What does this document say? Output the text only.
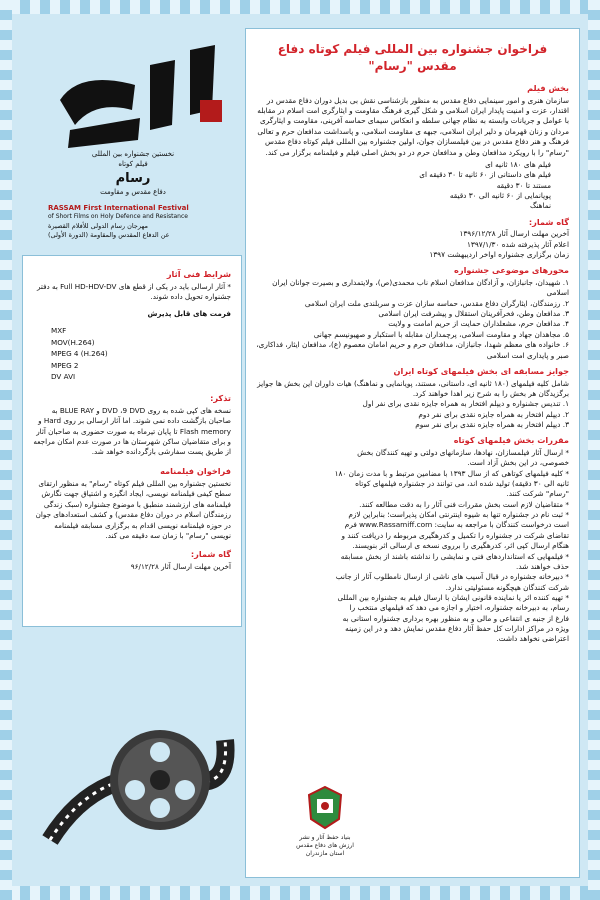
نخستین جشنواره بین المللی
فیلم کوتاه
رسام
دفاع مقدس و مقاومت
RASSAM First International Festival
of Short Films on Holy Defence and Resistance
مهرجان رسام الدولی للأفلام القصیرة
عن الدفاع المقدس والمقاومة (الدورة الأولى)
شرایط فنی آثار

* آثار ارسالی باید در یکی از قطع های Full HD-HDV-DV به دفتر جشنواره تحویل داده شوند.

فرمت های قابل پذیرش
MXF
MOV(H.264)
MPEG 4 (H.264)
MPEG 2
DV AVI
تذکر:

نسخه های کپی شده به روی DVD ،9 DVD و BLUE RAY به صاحبان بازگشت داده نمی شوند. اما آثار ارسالی بر روی Hard و Flash memory تا پایان تیرماه به صورت حضوری به صاحبان آثار و برای متقاضیان ساکن شهرستان ها در صورت عدم امکان مراجعه از طریق پست سفارشی بازگردانده خواهد شد.

فراخوان فیلمنامه

نخستین جشنواره بین المللی فیلم کوتاه "رسام" به منظور ارتقای سطح کیفی فیلمنامه نویسی، ایجاد انگیزه و اشتیاق جهت نگارش فیلمنامه های ارزشمند منطبق با موضوع جشنواره (سبک زندگی رزمندگان اسلام در دوران دفاع مقدس) و کشف استعدادهای جوان در حوزه فیلمنامه نویسی اقدام به برگزاری مسابقه فیلمنامه نویسی "رسام" با زمان سه دقیقه می کند.

گاه شمار:

آخرین مهلت ارسال آثار ۹۶/۱۲/۲۸

فراخوان جشنواره بین المللی فیلم کوتاه دفاع مقدس "رسام"
بخش فیلم

سازمان هنری و امور سینمایی دفاع مقدس به منظور بازشناسی نقش بی بدیل دوران دفاع مقدس در اقتدار، عزت و امنیت پایدار ایران اسلامی و شکل گیری فرهنگ مقاومت و ایثارگری امت اسلام در مقابله با عوامل و جریانات وابسته به نظام جهانی سلطه و انعکاس سیمای حماسه آفرینی، مقاومت و ایثارگری مردان و زنان قهرمان و دلیر ایران اسلامی، جبهه ی مقاومت اسلامی، و پاسداشت مدافعان حرم و تعالی فرهنگ و هنر دفاع مقدس در بین فیلمسازان جوان، اولین جشنواره بین المللی فیلم کوتاه دفاع مقدس "رسام" را با رویکرد مدافعان وطن و مدافعان حرم در دو بخش اصلی فیلم و فیلمنامه برگزار می کند.

فیلم های ۱۸۰ ثانیه ای
فیلم های داستانی از ۶۰ ثانیه تا ۳۰ دقیقه ای
مستند تا ۳۰ دقیقه
پویانمایی از ۶۰ ثانیه الی ۳۰ دقیقه
نماهنگ
گاه شمار:
آخرین مهلت ارسال آثار ۱۳۹۶/۱۲/۲۸
اعلام آثار پذیرفته شده ۱۳۹۷/۱/۳۰
زمان برگزاری جشنواره اواخر اردیبهشت ۱۳۹۷
محورهای موضوعی جشنواره
۱. شهیدان، جانبازان، و آزادگان مدافعان اسلام ناب محمدی(ص)، ولایتمداری و بصیرت جوانان ایران اسلامی
۲. رزمندگان، ایثارگران دفاع مقدس، حماسه سازان عزت و سربلندی ملت ایران اسلامی
۳. مدافعان وطن، فخرآفرینان استقلال و پیشرفت ایران اسلامی
۴. مدافعان حرم، مشعلداران حمایت از حریم امامت و ولایت
۵. مجاهدان جهاد و مقاومت اسلامی، پرچمداران مقابله با استکبار و صهیونیسم جهانی
۶. خانواده های معظم شهدا، جانبازان، مدافعان حرم و حریم امامان معصوم (ع)، مدافعان ایثار، فداکاری، صبر و پایداری امت اسلامی
جوایز مسابقه ای بخش فیلمهای کوتاه ایران

شامل کلیه فیلمهای (۱۸۰ ثانیه ای، داستانی، مستند، پویانمایی و نماهنگ) هیات داوران این بخش ها جوایز برگزیدگان هر بخش را به شرح زیر اهدا خواهند کرد.

۱. تندیس جشنواره و دیپلم افتخار به همراه جایزه نقدی برای نفر اول
۲. دیپلم افتخار به همراه جایزه نقدی برای نفر دوم
۳. دیپلم افتخار به همراه جایزه نقدی برای نفر سوم
مقررات بخش فیلمهای کوتاه
* ارسال آثار فیلمسازان، نهادها، سازمانهای دولتی و تهیه کنندگان بخش خصوصی، در این بخش آزاد است.
* کلیه فیلمهای کوتاهی که از سال ۱۳۹۳ با مضامین مرتبط و با مدت زمان ۱۸۰ ثانیه الی ۳۰ دقیقه) تولید شده اند، می توانند در جشنواره فیلمهای کوتاه "رسام" شرکت کنند.
* متقاضیان لازم است بخش مقررات فنی آثار را به دقت مطالعه کنند.
* ثبت نام در جشنواره تنها به شیوه اینترنتی امکان پذیراست؛ بنابراین لازم است درخواست کنندگان با مراجعه به سایت: www.Rassamiff.com فرم تقاضای شرکت در جشنواره را تکمیل و کدرهگیری مربوطه را دریافت کنند و هنگام ارسال کپی اثر، کدرهگیری را برروی نسخه ی ارسالی اثر بنویسند.
* فیلمهایی که استانداردهای فنی و نمایشی را نداشته باشند از بخش مسابقه حذف خواهند شد.
* دبیرخانه جشنواره در قبال آسیب های ناشی از ارسال نامطلوب آثار از جانب شرکت کنندگان هیچگونه مسئولیتی ندارد.
* تهیه کننده اثر یا نماینده قانونی ایشان با ارسال فیلم به جشنواره بین المللی رسام، به دبیرخانه جشنواره، اختیار و اجازه می دهد که فیلمهای منتخب را فارغ از جنبه ی انتفاعی و مالی و به منظور بهره برداری جشنواره استانی به ویژه در مراکز ادارات کل حفظ آثار دفاع مقدس نمایش دهد و در این زمینه اعتراضی نخواهد داشت.
بنیاد حفظ آثار و نشر
ارزش های دفاع مقدس
استان مازندران
